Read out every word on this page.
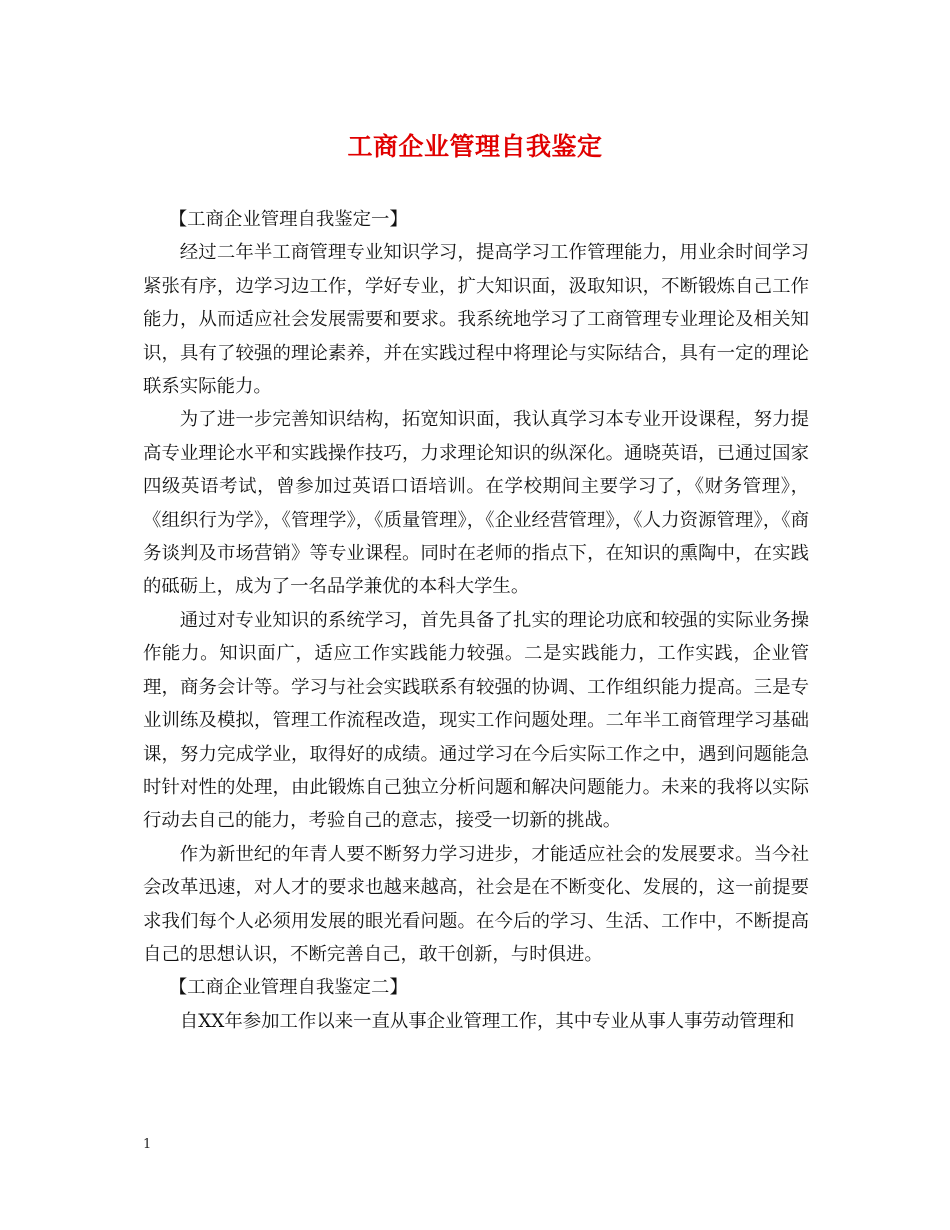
工商企业管理自我鉴定

【工商企业管理自我鉴定一】

经过二年半工商管理专业知识学习，提高学习工作管理能力，用业余时间学习紧张有序，边学习边工作，学好专业，扩大知识面，汲取知识，不断锻炼自己工作能力，从而适应社会发展需要和要求。我系统地学习了工商管理专业理论及相关知识，具有了较强的理论素养，并在实践过程中将理论与实际结合，具有一定的理论联系实际能力。

为了进一步完善知识结构，拓宽知识面，我认真学习本专业开设课程，努力提高专业理论水平和实践操作技巧，力求理论知识的纵深化。通晓英语，已通过国家四级英语考试，曾参加过英语口语培训。在学校期间主要学习了，《财务管理》，《组织行为学》，《管理学》，《质量管理》，《企业经营管理》，《人力资源管理》，《商务谈判及市场营销》等专业课程。同时在老师的指点下，在知识的熏陶中，在实践的砥砺上，成为了一名品学兼优的本科大学生。

通过对专业知识的系统学习，首先具备了扎实的理论功底和较强的实际业务操作能力。知识面广，适应工作实践能力较强。二是实践能力，工作实践，企业管理，商务会计等。学习与社会实践联系有较强的协调、工作组织能力提高。三是专业训练及模拟，管理工作流程改造，现实工作问题处理。二年半工商管理学习基础课，努力完成学业，取得好的成绩。通过学习在今后实际工作之中，遇到问题能急时针对性的处理，由此锻炼自己独立分析问题和解决问题能力。未来的我将以实际行动去自己的能力，考验自己的意志，接受一切新的挑战。

作为新世纪的年青人要不断努力学习进步，才能适应社会的发展要求。当今社会改革迅速，对人才的要求也越来越高，社会是在不断变化、发展的，这一前提要求我们每个人必须用发展的眼光看问题。在今后的学习、生活、工作中，不断提高自己的思想认识，不断完善自己，敢干创新，与时俱进。

【工商企业管理自我鉴定二】

自XX年参加工作以来一直从事企业管理工作，其中专业从事人事劳动管理和

1
